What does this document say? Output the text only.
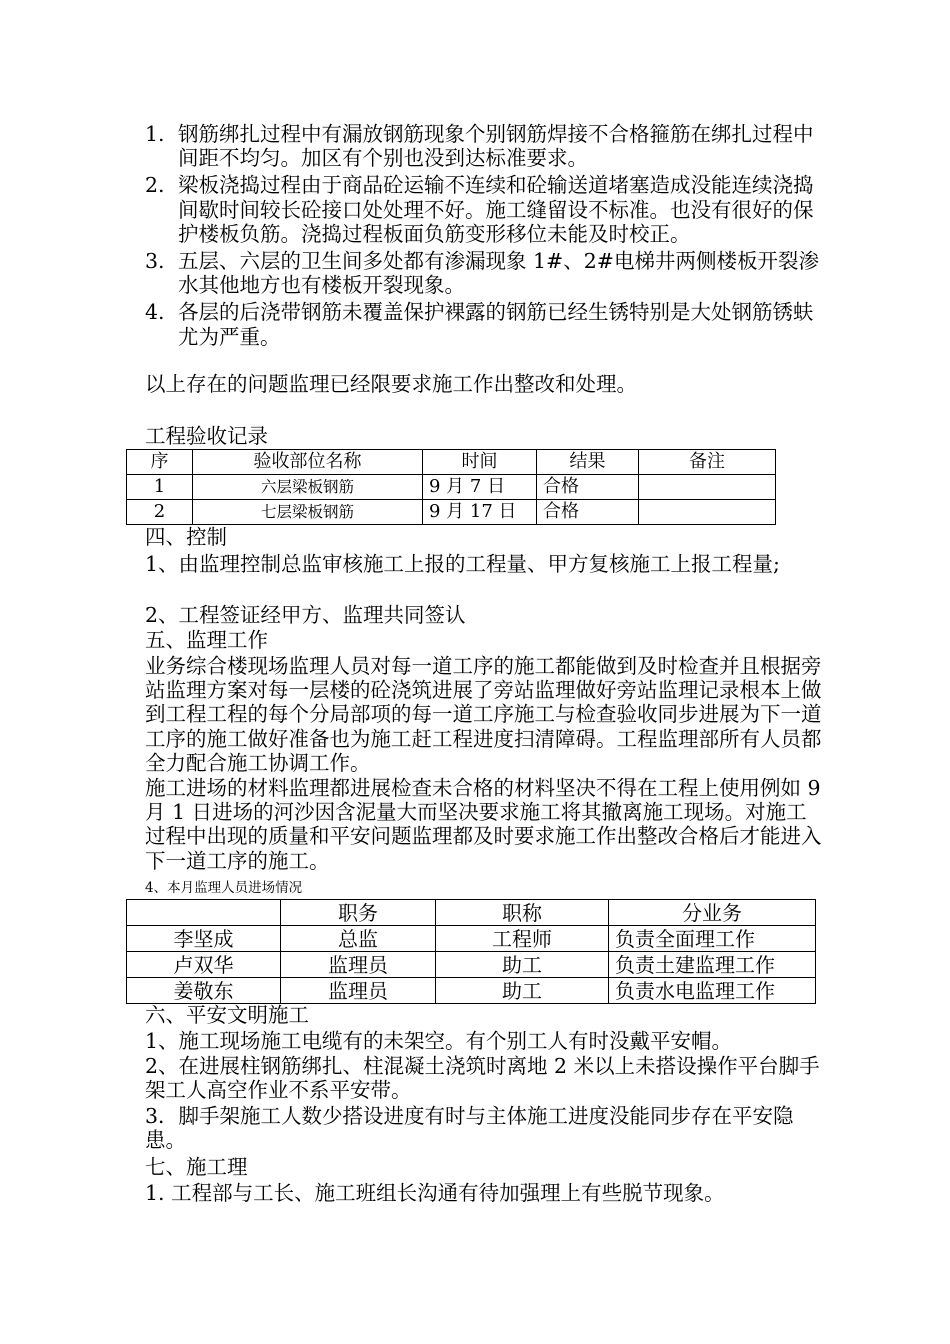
1. 钢筋绑扎过程中有漏放钢筋现象个别钢筋焊接不合格箍筋在绑扎过程中间距不均匀。加区有个别也没到达标准要求。
2. 梁板浇捣过程由于商品砼运输不连续和砼输送道堵塞造成没能连续浇捣间歇时间较长砼接口处处理不好。施工缝留设不标准。也没有很好的保护楼板负筋。浇捣过程板面负筋变形移位未能及时校正。
3. 五层、六层的卫生间多处都有渗漏现象 1#、2#电梯井两侧楼板开裂渗水其他地方也有楼板开裂现象。
4. 各层的后浇带钢筋未覆盖保护裸露的钢筋已经生锈特别是大处钢筋锈蚨尤为严重。
以上存在的问题监理已经限要求施工作出整改和处理。
工程验收记录
序	验收部位名称	时间	结果	备注
1	六层梁板钢筋	9 月 7 日	合格	
2	七层梁板钢筋	9 月 17 日	合格	
四、控制
1、由监理控制总监审核施工上报的工程量、甲方复核施工上报工程量;
2、工程签证经甲方、监理共同签认
五、监理工作
业务综合楼现场监理人员对每一道工序的施工都能做到及时检查并且根据旁站监理方案对每一层楼的砼浇筑进展了旁站监理做好旁站监理记录根本上做到工程工程的每个分局部项的每一道工序施工与检查验收同步进展为下一道工序的施工做好准备也为施工赶工程进度扫清障碍。工程监理部所有人员都全力配合施工协调工作。
施工进场的材料监理都进展检查未合格的材料坚决不得在工程上使用例如 9 月 1 日进场的河沙因含泥量大而坚决要求施工将其撤离施工现场。对施工过程中出现的质量和平安问题监理都及时要求施工作出整改合格后才能进入下一道工序的施工。
4、本月监理人员进场情况
	职务	职称	分业务
李坚成	总监	工程师	负责全面理工作
卢双华	监理员	助工	负责土建监理工作
姜敬东	监理员	助工	负责水电监理工作
六、平安文明施工
1、施工现场施工电缆有的未架空。有个别工人有时没戴平安帽。
2、在进展柱钢筋绑扎、柱混凝土浇筑时离地 2 米以上未搭设操作平台脚手架工人高空作业不系平安带。
3．脚手架施工人数少搭设进度有时与主体施工进度没能同步存在平安隐患。
七、施工理
1. 工程部与工长、施工班组长沟通有待加强理上有些脱节现象。
